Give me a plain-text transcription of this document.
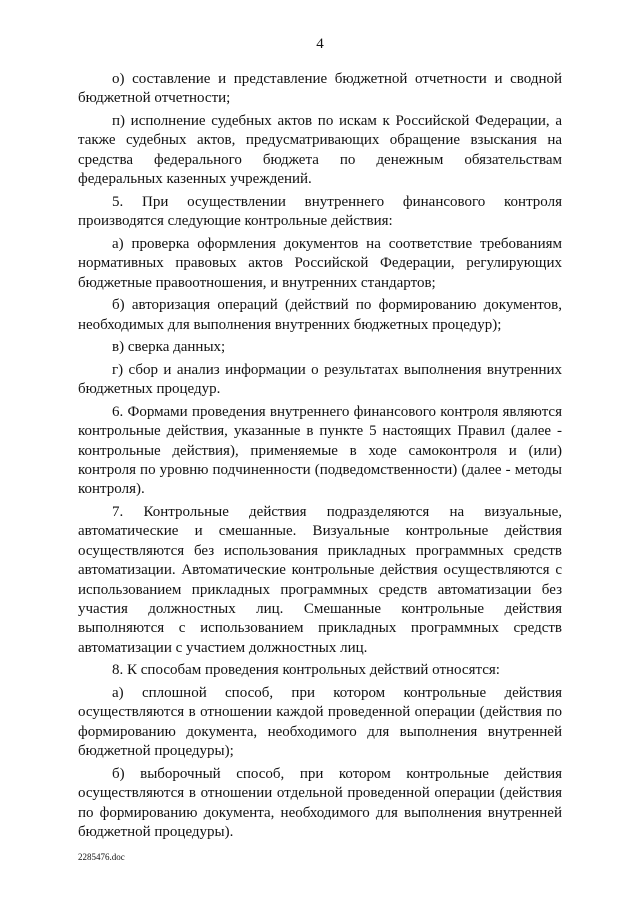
4

о) составление и представление бюджетной отчетности и сводной бюджетной отчетности;

п) исполнение судебных актов по искам к Российской Федерации, а также судебных актов, предусматривающих обращение взыскания на средства федерального бюджета по денежным обязательствам федеральных казенных учреждений.

5. При осуществлении внутреннего финансового контроля производятся следующие контрольные действия:

а) проверка оформления документов на соответствие требованиям нормативных правовых актов Российской Федерации, регулирующих бюджетные правоотношения, и внутренних стандартов;

б) авторизация операций (действий по формированию документов, необходимых для выполнения внутренних бюджетных процедур);

в) сверка данных;

г) сбор и анализ информации о результатах выполнения внутренних бюджетных процедур.

6. Формами проведения внутреннего финансового контроля являются контрольные действия, указанные в пункте 5 настоящих Правил (далее - контрольные действия), применяемые в ходе самоконтроля и (или) контроля по уровню подчиненности (подведомственности) (далее - методы контроля).

7. Контрольные действия подразделяются на визуальные, автоматические и смешанные. Визуальные контрольные действия осуществляются без использования прикладных программных средств автоматизации. Автоматические контрольные действия осуществляются с использованием прикладных программных средств автоматизации без участия должностных лиц. Смешанные контрольные действия выполняются с использованием прикладных программных средств автоматизации с участием должностных лиц.

8. К способам проведения контрольных действий относятся:

а) сплошной способ, при котором контрольные действия осуществляются в отношении каждой проведенной операции (действия по формированию документа, необходимого для выполнения внутренней бюджетной процедуры);

б) выборочный способ, при котором контрольные действия осуществляются в отношении отдельной проведенной операции (действия по формированию документа, необходимого для выполнения внутренней бюджетной процедуры).

2285476.doc
